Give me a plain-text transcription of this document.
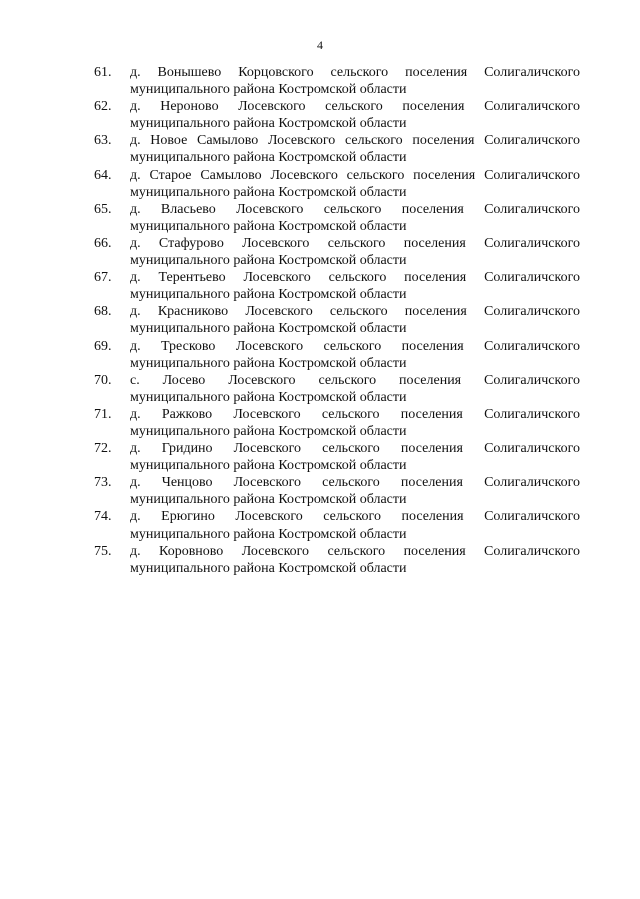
4
61.	д. Вонышево Корцовского сельского поселения Солигаличского
муниципального района Костромской области
62.	д. Нероново Лосевского сельского поселения Солигаличского
муниципального района Костромской области
63.	д. Новое Самылово Лосевского сельского поселения Солигаличского
муниципального района Костромской области
64.	д. Старое Самылово Лосевского сельского поселения Солигаличского
муниципального района Костромской области
65.	д. Власьево Лосевского сельского поселения Солигаличского
муниципального района Костромской области
66.	д. Стафурово Лосевского сельского поселения Солигаличского
муниципального района Костромской области
67.	д. Терентьево Лосевского сельского поселения Солигаличского
муниципального района Костромской области
68.	д. Красниково Лосевского сельского поселения Солигаличского
муниципального района Костромской области
69.	д. Тресково Лосевского сельского поселения Солигаличского
муниципального района Костромской области
70.	с. Лосево Лосевского сельского поселения Солигаличского
муниципального района Костромской области
71.	д. Ражково Лосевского сельского поселения Солигаличского
муниципального района Костромской области
72.	д. Гридино Лосевского сельского поселения Солигаличского
муниципального района Костромской области
73.	д. Ченцово Лосевского сельского поселения Солигаличского
муниципального района Костромской области
74.	д. Ерюгино Лосевского сельского поселения Солигаличского
муниципального района Костромской области
75.	д. Коровново Лосевского сельского поселения Солигаличского
муниципального района Костромской области
